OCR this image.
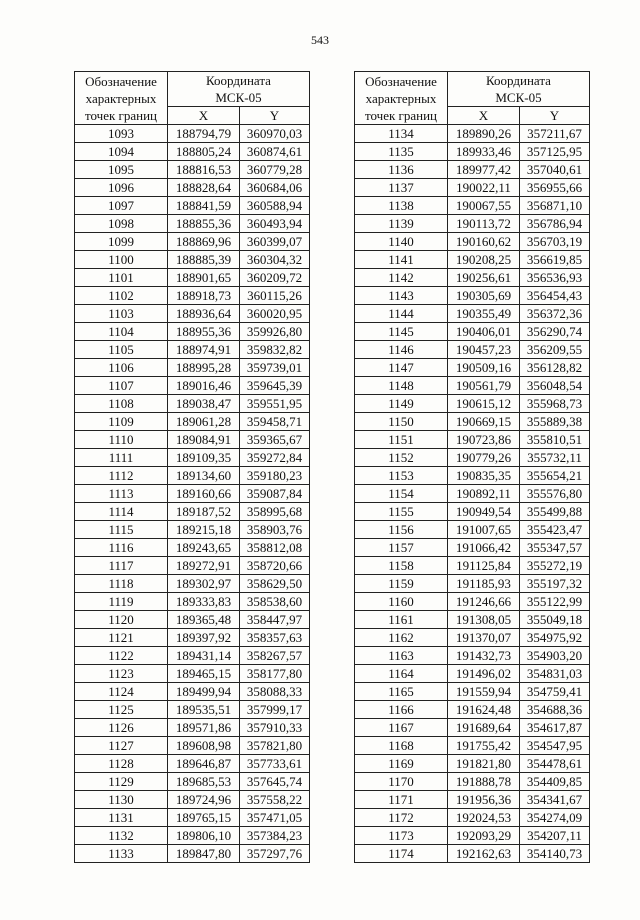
543
Обозначение
характерных
точек границ	Координата
МСК-05	
	X	Y
1093	188794,79	360970,03
1094	188805,24	360874,61
1095	188816,53	360779,28
1096	188828,64	360684,06
1097	188841,59	360588,94
1098	188855,36	360493,94
1099	188869,96	360399,07
1100	188885,39	360304,32
1101	188901,65	360209,72
1102	188918,73	360115,26
1103	188936,64	360020,95
1104	188955,36	359926,80
1105	188974,91	359832,82
1106	188995,28	359739,01
1107	189016,46	359645,39
1108	189038,47	359551,95
1109	189061,28	359458,71
1110	189084,91	359365,67
1111	189109,35	359272,84
1112	189134,60	359180,23
1113	189160,66	359087,84
1114	189187,52	358995,68
1115	189215,18	358903,76
1116	189243,65	358812,08
1117	189272,91	358720,66
1118	189302,97	358629,50
1119	189333,83	358538,60
1120	189365,48	358447,97
1121	189397,92	358357,63
1122	189431,14	358267,57
1123	189465,15	358177,80
1124	189499,94	358088,33
1125	189535,51	357999,17
1126	189571,86	357910,33
1127	189608,98	357821,80
1128	189646,87	357733,61
1129	189685,53	357645,74
1130	189724,96	357558,22
1131	189765,15	357471,05
1132	189806,10	357384,23
1133	189847,80	357297,76
Обозначение
характерных
точек границ	Координата
МСК-05	
	X	Y
1134	189890,26	357211,67
1135	189933,46	357125,95
1136	189977,42	357040,61
1137	190022,11	356955,66
1138	190067,55	356871,10
1139	190113,72	356786,94
1140	190160,62	356703,19
1141	190208,25	356619,85
1142	190256,61	356536,93
1143	190305,69	356454,43
1144	190355,49	356372,36
1145	190406,01	356290,74
1146	190457,23	356209,55
1147	190509,16	356128,82
1148	190561,79	356048,54
1149	190615,12	355968,73
1150	190669,15	355889,38
1151	190723,86	355810,51
1152	190779,26	355732,11
1153	190835,35	355654,21
1154	190892,11	355576,80
1155	190949,54	355499,88
1156	191007,65	355423,47
1157	191066,42	355347,57
1158	191125,84	355272,19
1159	191185,93	355197,32
1160	191246,66	355122,99
1161	191308,05	355049,18
1162	191370,07	354975,92
1163	191432,73	354903,20
1164	191496,02	354831,03
1165	191559,94	354759,41
1166	191624,48	354688,36
1167	191689,64	354617,87
1168	191755,42	354547,95
1169	191821,80	354478,61
1170	191888,78	354409,85
1171	191956,36	354341,67
1172	192024,53	354274,09
1173	192093,29	354207,11
1174	192162,63	354140,73
